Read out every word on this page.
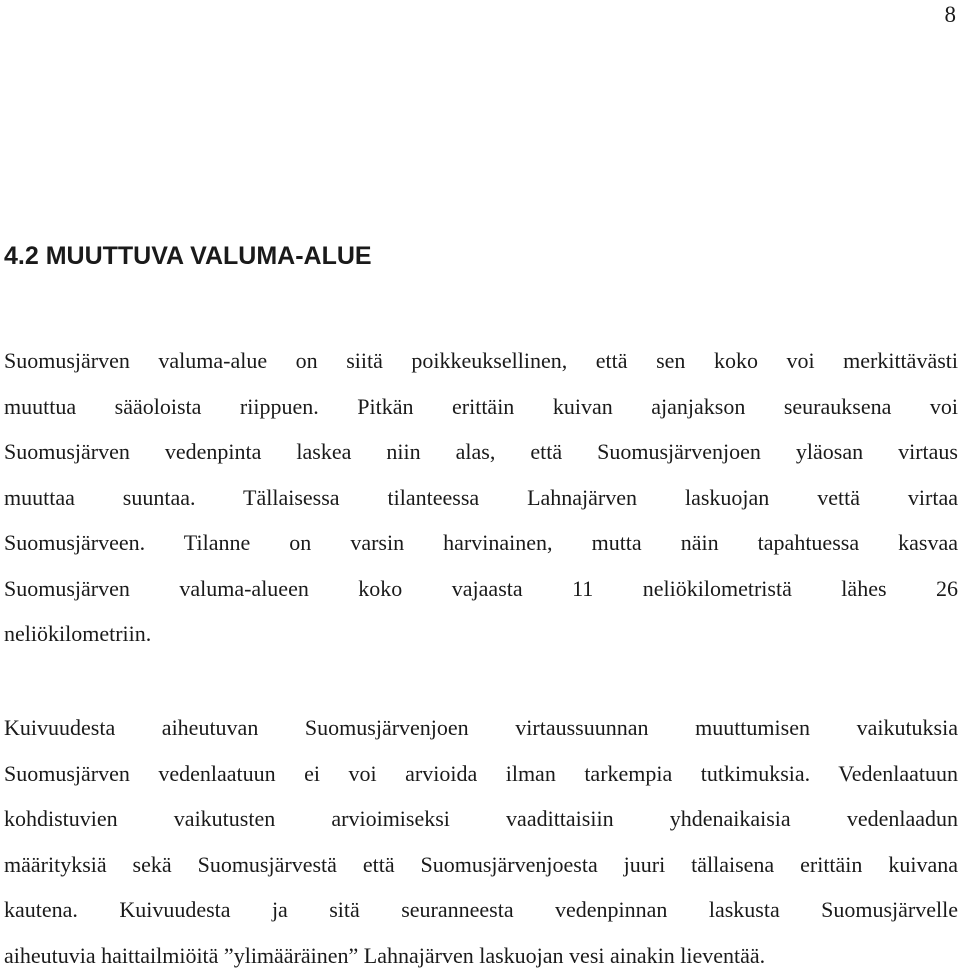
8
4.2 MUUTTUVA VALUMA-ALUE
Suomusjärven valuma-alue on siitä poikkeuksellinen, että sen koko voi merkittävästi
muuttua sääoloista riippuen. Pitkän erittäin kuivan ajanjakson seurauksena voi
Suomusjärven vedenpinta laskea niin alas, että Suomusjärvenjoen yläosan virtaus
muuttaa suuntaa. Tällaisessa tilanteessa Lahnajärven laskuojan vettä virtaa
Suomusjärveen. Tilanne on varsin harvinainen, mutta näin tapahtuessa kasvaa
Suomusjärven valuma-alueen koko vajaasta 11 neliökilometristä lähes 26
neliökilometriin.
Kuivuudesta aiheutuvan Suomusjärvenjoen virtaussuunnan muuttumisen vaikutuksia
Suomusjärven vedenlaatuun ei voi arvioida ilman tarkempia tutkimuksia. Vedenlaatuun
kohdistuvien vaikutusten arvioimiseksi vaadittaisiin yhdenaikaisia vedenlaadun
määrityksiä sekä Suomusjärvestä että Suomusjärvenjoesta juuri tällaisena erittäin kuivana
kautena. Kuivuudesta ja sitä seuranneesta vedenpinnan laskusta Suomusjärvelle
aiheutuvia haittailmiöitä ”ylimääräinen” Lahnajärven laskuojan vesi ainakin lieventää.
